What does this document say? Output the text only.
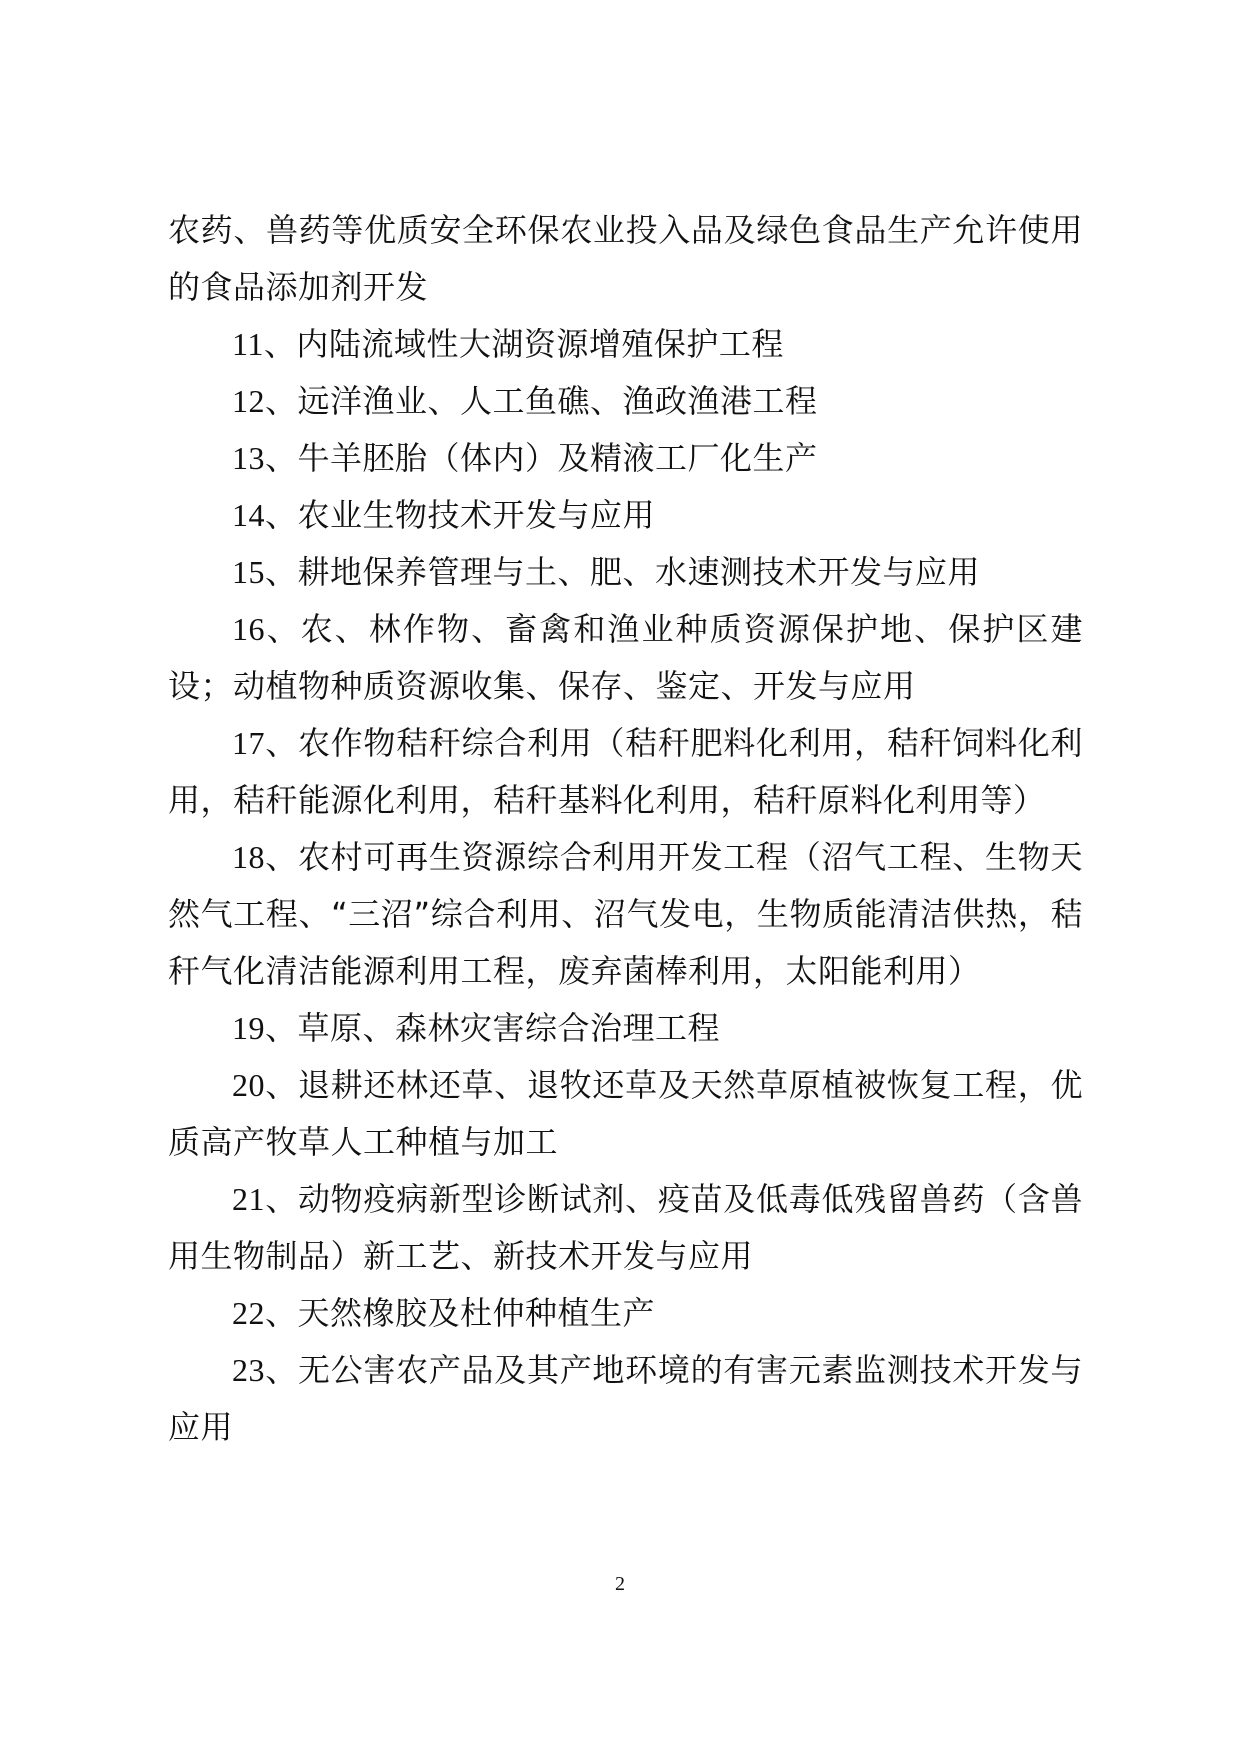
农药、兽药等优质安全环保农业投入品及绿色食品生产允许使用的食品添加剂开发

11、内陆流域性大湖资源增殖保护工程

12、远洋渔业、人工鱼礁、渔政渔港工程

13、牛羊胚胎（体内）及精液工厂化生产

14、农业生物技术开发与应用

15、耕地保养管理与土、肥、水速测技术开发与应用

16、农、林作物、畜禽和渔业种质资源保护地、保护区建设；动植物种质资源收集、保存、鉴定、开发与应用

17、农作物秸秆综合利用（秸秆肥料化利用，秸秆饲料化利用，秸秆能源化利用，秸秆基料化利用，秸秆原料化利用等）

18、农村可再生资源综合利用开发工程（沼气工程、生物天然气工程、“三沼”综合利用、沼气发电，生物质能清洁供热，秸秆气化清洁能源利用工程，废弃菌棒利用，太阳能利用）

19、草原、森林灾害综合治理工程

20、退耕还林还草、退牧还草及天然草原植被恢复工程，优质高产牧草人工种植与加工

21、动物疫病新型诊断试剂、疫苗及低毒低残留兽药（含兽用生物制品）新工艺、新技术开发与应用

22、天然橡胶及杜仲种植生产

23、无公害农产品及其产地环境的有害元素监测技术开发与应用

2
